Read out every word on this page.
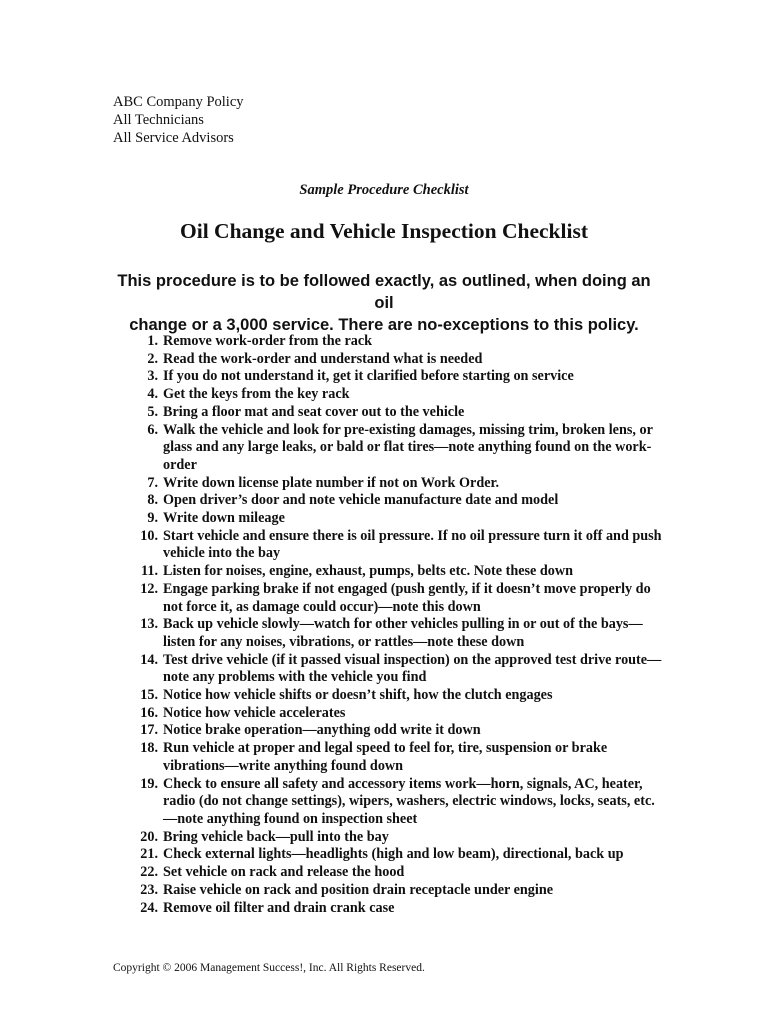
ABC Company Policy
All Technicians
All Service Advisors
Sample Procedure Checklist
Oil Change and Vehicle Inspection Checklist

This procedure is to be followed exactly, as outlined, when doing an oil
change or a 3,000 service. There are no-exceptions to this policy.

1. Remove work-order from the rack
2. Read the work-order and understand what is needed
3. If you do not understand it, get it clarified before starting on service
4. Get the keys from the key rack
5. Bring a floor mat and seat cover out to the vehicle
6. Walk the vehicle and look for pre-existing damages, missing trim, broken lens, or glass and any large leaks, or bald or flat tires—note anything found on the work-order
7. Write down license plate number if not on Work Order.
8. Open driver’s door and note vehicle manufacture date and model
9. Write down mileage
10. Start vehicle and ensure there is oil pressure. If no oil pressure turn it off and push vehicle into the bay
11. Listen for noises, engine, exhaust, pumps, belts etc. Note these down
12. Engage parking brake if not engaged (push gently, if it doesn’t move properly do not force it, as damage could occur)—note this down
13. Back up vehicle slowly—watch for other vehicles pulling in or out of the bays—listen for any noises, vibrations, or rattles—note these down
14. Test drive vehicle (if it passed visual inspection) on the approved test drive route—note any problems with the vehicle you find
15. Notice how vehicle shifts or doesn’t shift, how the clutch engages
16. Notice how vehicle accelerates
17. Notice brake operation—anything odd write it down
18. Run vehicle at proper and legal speed to feel for, tire, suspension or brake vibrations—write anything found down
19. Check to ensure all safety and accessory items work—horn, signals, AC, heater, radio (do not change settings), wipers, washers, electric windows, locks, seats, etc.—note anything found on inspection sheet
20. Bring vehicle back—pull into the bay
21. Check external lights—headlights (high and low beam), directional, back up
22. Set vehicle on rack and release the hood
23. Raise vehicle on rack and position drain receptacle under engine
24. Remove oil filter and drain crank case
Copyright © 2006 Management Success!, Inc. All Rights Reserved.
